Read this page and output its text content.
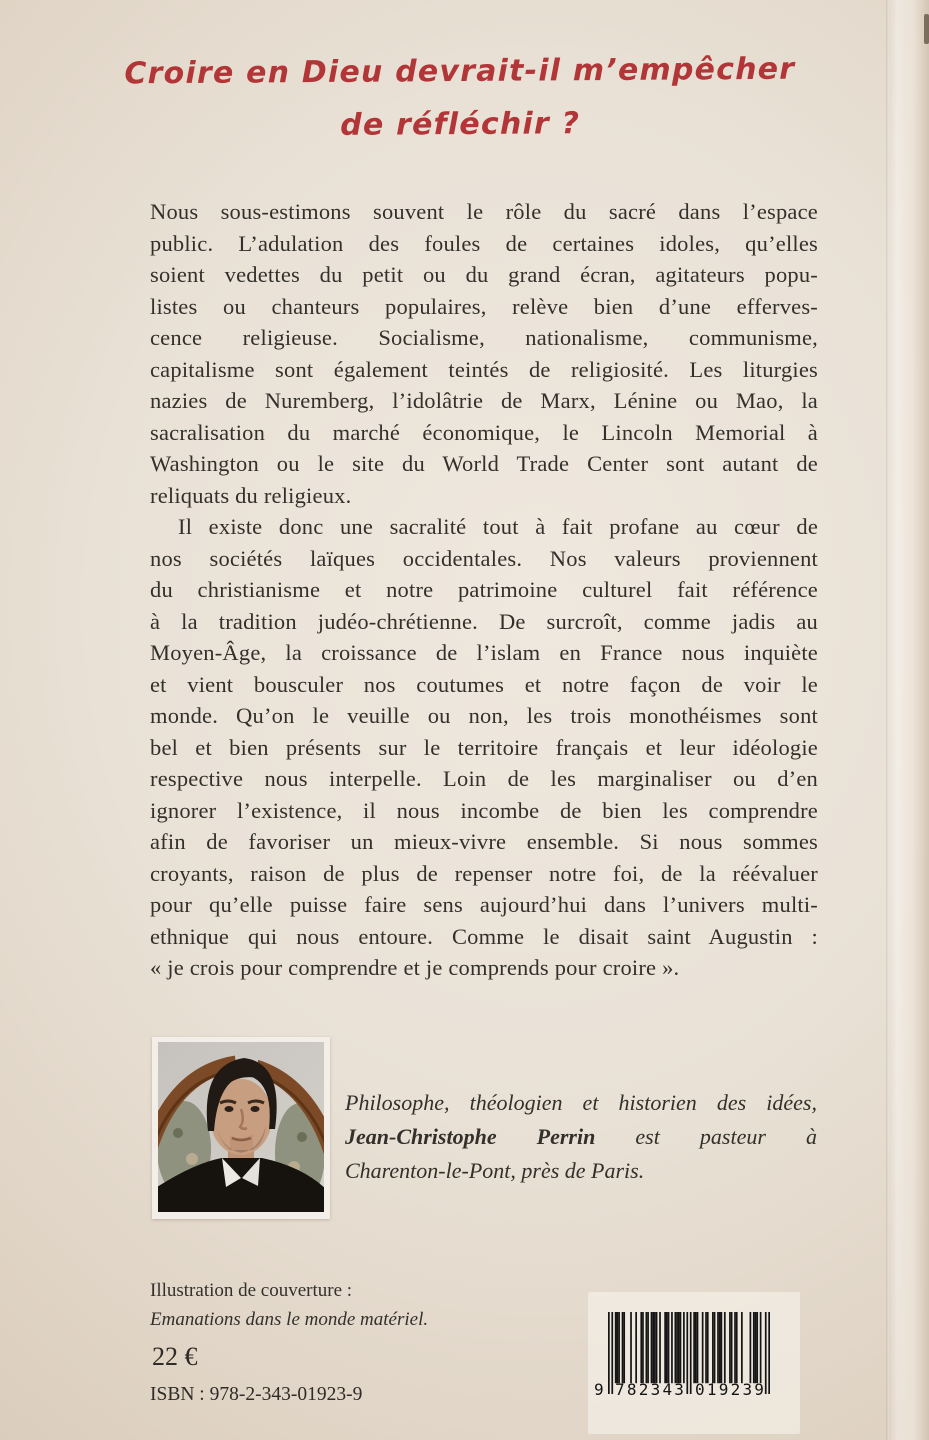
Croire en Dieu devrait-il m’empêcher
de réfléchir ?
Nous sous-estimons souvent le rôle du sacré dans l’espace
public. L’adulation des foules de certaines idoles, qu’elles
soient vedettes du petit ou du grand écran, agitateurs popu-
listes ou chanteurs populaires, relève bien d’une efferves-
cence religieuse. Socialisme, nationalisme, communisme,
capitalisme sont également teintés de religiosité. Les liturgies
nazies de Nuremberg, l’idolâtrie de Marx, Lénine ou Mao, la
sacralisation du marché économique, le Lincoln Memorial à
Washington ou le site du World Trade Center sont autant de
reliquats du religieux.
Il existe donc une sacralité tout à fait profane au cœur de
nos sociétés laïques occidentales. Nos valeurs proviennent
du christianisme et notre patrimoine culturel fait référence
à la tradition judéo-chrétienne. De surcroît, comme jadis au
Moyen-Âge, la croissance de l’islam en France nous inquiète
et vient bousculer nos coutumes et notre façon de voir le
monde. Qu’on le veuille ou non, les trois monothéismes sont
bel et bien présents sur le territoire français et leur idéologie
respective nous interpelle. Loin de les marginaliser ou d’en
ignorer l’existence, il nous incombe de bien les comprendre
afin de favoriser un mieux-vivre ensemble. Si nous sommes
croyants, raison de plus de repenser notre foi, de la réévaluer
pour qu’elle puisse faire sens aujourd’hui dans l’univers multi-
ethnique qui nous entoure. Comme le disait saint Augustin :
« je crois pour comprendre et je comprends pour croire ».
Philosophe, théologien et historien des idées,
Jean-Christophe Perrin est pasteur à
Charenton-le-Pont, près de Paris.
Illustration de couverture :
Emanations dans le monde matériel.
22 €
ISBN : 978-2-343-01923-9	9 7 8 2 3 4 3 0 1 9 2 3 9
